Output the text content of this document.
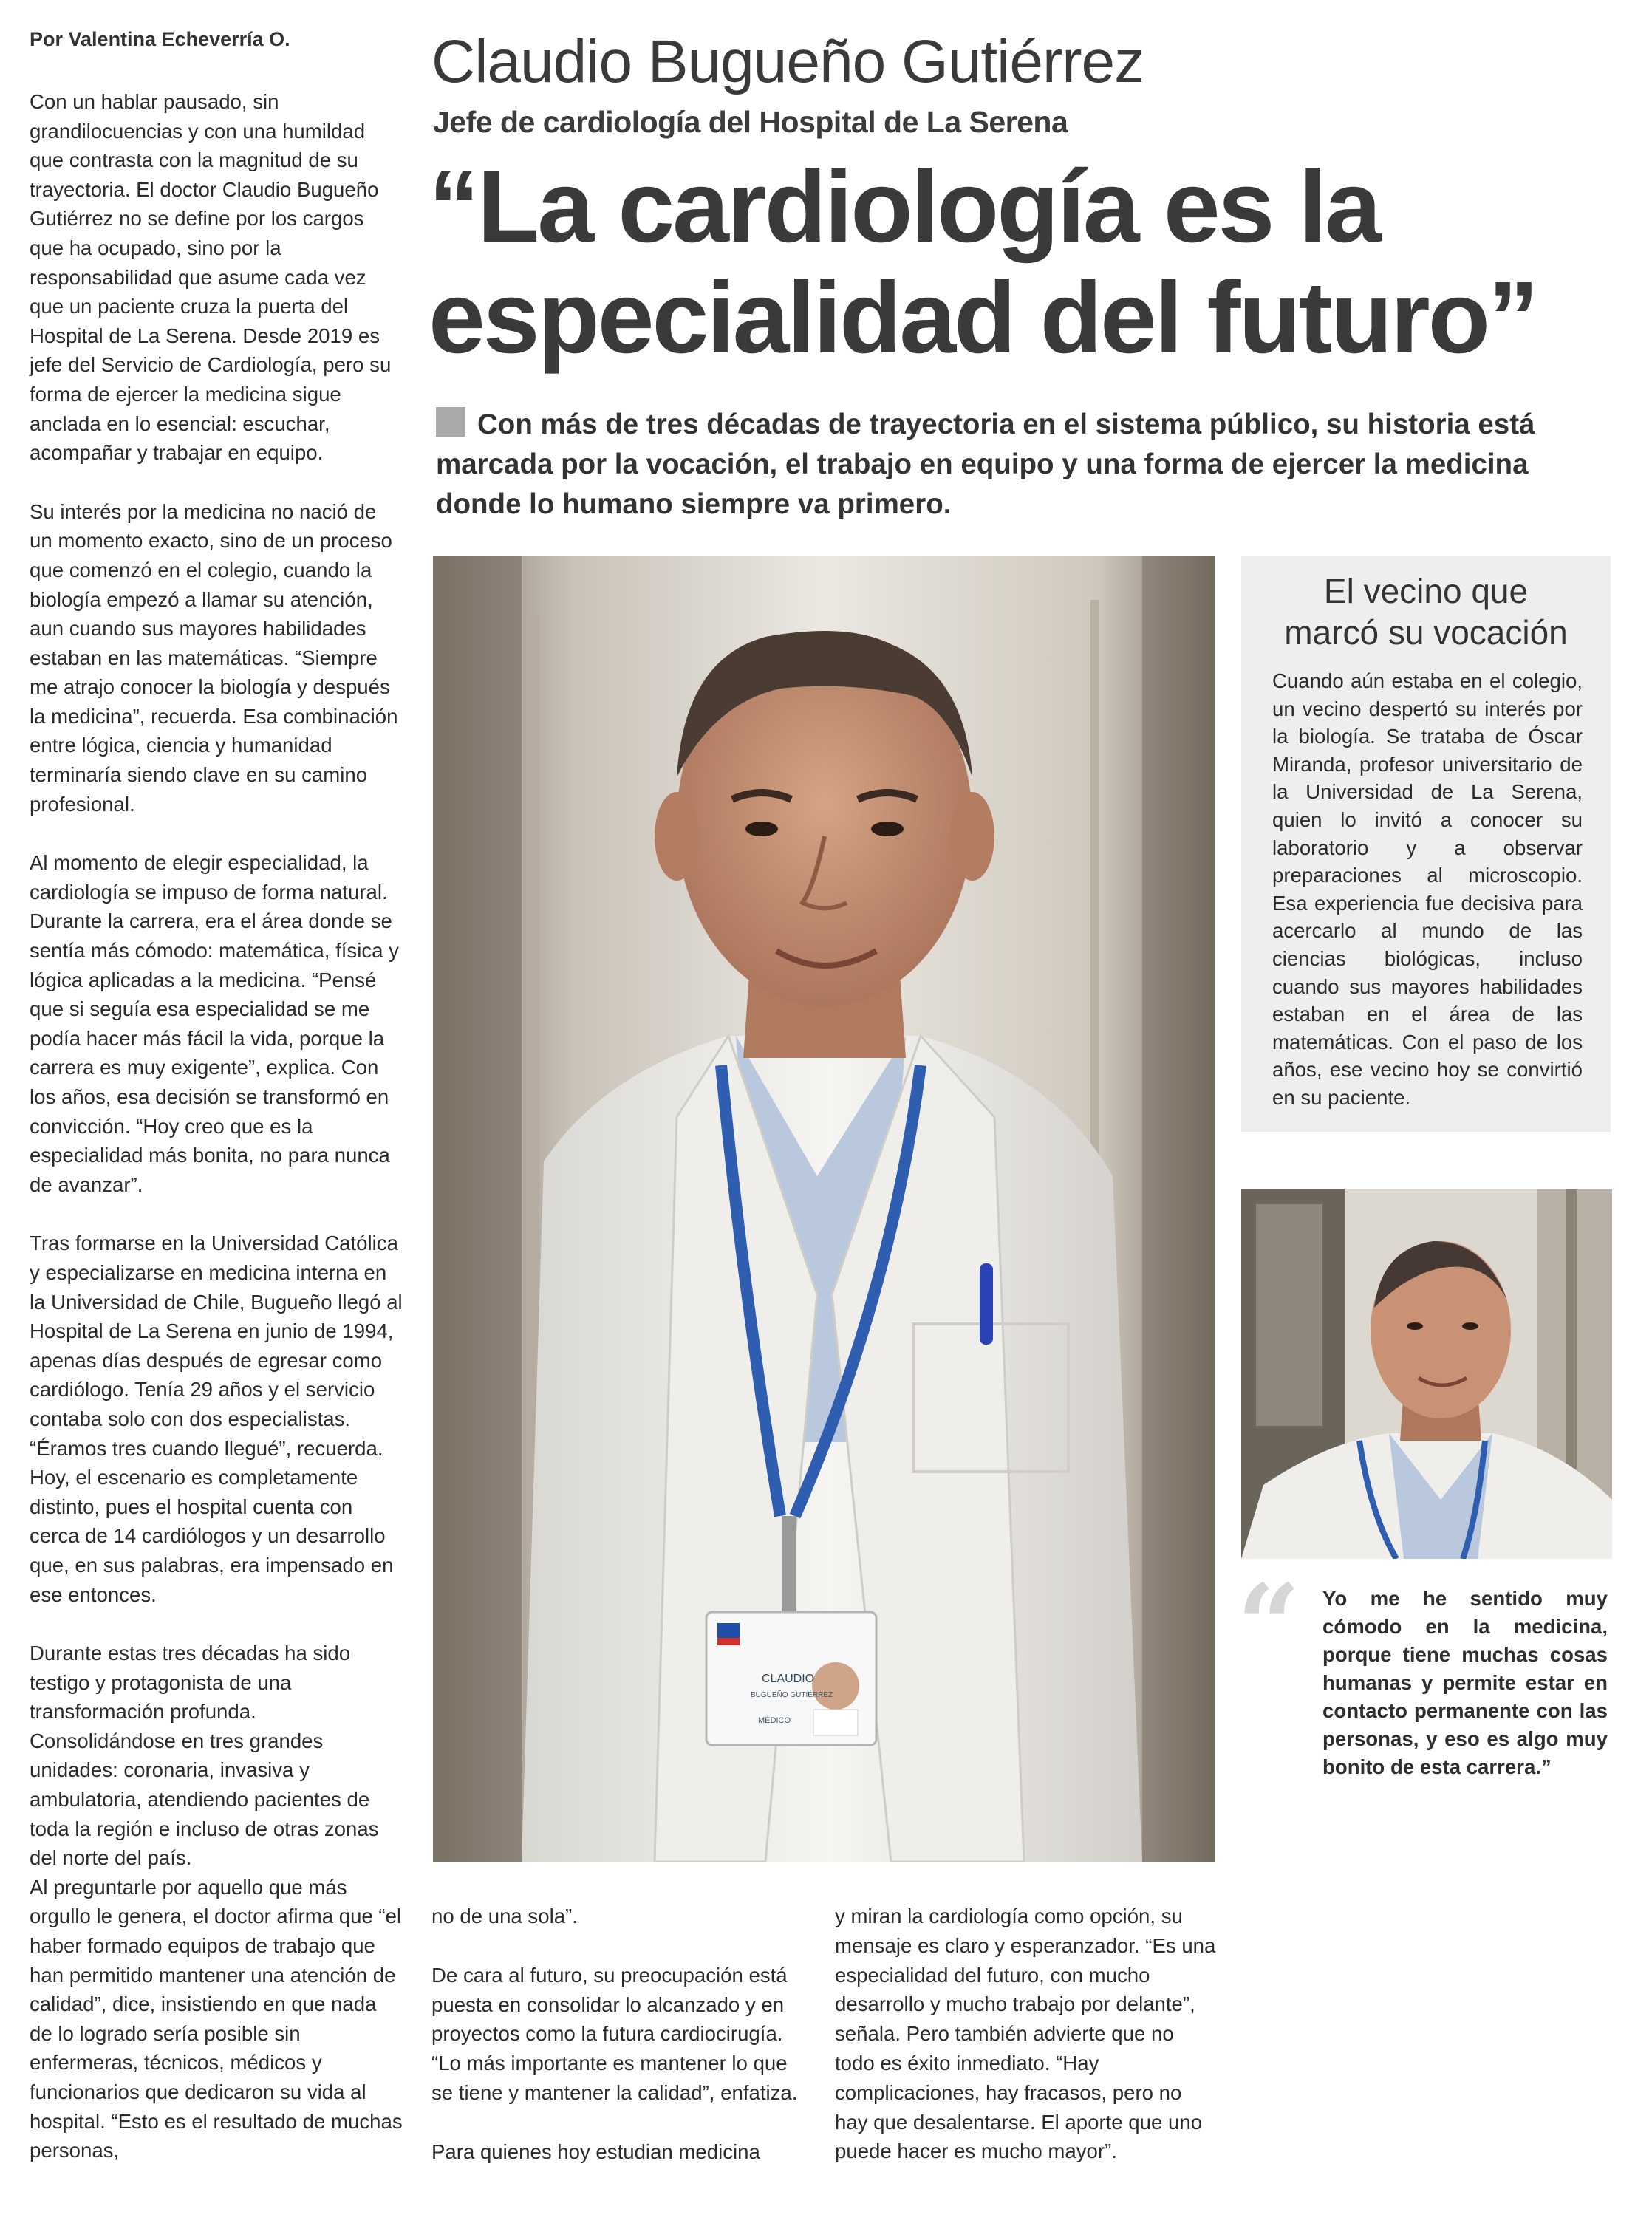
Por Valentina Echeverría O.

Con un hablar pausado, sin grandilocuencias y con una humildad que contrasta con la magnitud de su trayectoria. El doctor Claudio Bugueño Gutiérrez no se define por los cargos que ha ocupado, sino por la responsabilidad que asume cada vez que un paciente cruza la puerta del Hospital de La Serena. Desde 2019 es jefe del Servicio de Cardiología, pero su forma de ejercer la medicina sigue anclada en lo esencial: escuchar, acompañar y trabajar en equipo.

Su interés por la medicina no nació de un momento exacto, sino de un proceso que comenzó en el colegio, cuando la biología empezó a llamar su atención, aun cuando sus mayores habilidades estaban en las matemáticas. “Siempre me atrajo conocer la biología y después la medicina”, recuerda. Esa combinación entre lógica, ciencia y humanidad terminaría siendo clave en su camino profesional.

Al momento de elegir especialidad, la cardiología se impuso de forma natural. Durante la carrera, era el área donde se sentía más cómodo: matemática, física y lógica aplicadas a la medicina. “Pensé que si seguía esa especialidad se me podía hacer más fácil la vida, porque la carrera es muy exigente”, explica. Con los años, esa decisión se transformó en convicción. “Hoy creo que es la especialidad más bonita, no para nunca de avanzar”.

Tras formarse en la Universidad Católica y especializarse en medicina interna en la Universidad de Chile, Bugueño llegó al Hospital de La Serena en junio de 1994, apenas días después de egresar como cardiólogo. Tenía 29 años y el servicio contaba solo con dos especialistas. “Éramos tres cuando llegué”, recuerda. Hoy, el escenario es completamente distinto, pues el hospital cuenta con cerca de 14 cardiólogos y un desarrollo que, en sus palabras, era impensado en ese entonces.

Durante estas tres décadas ha sido testigo y protagonista de una transformación profunda. Consolidándose en tres grandes unidades: coronaria, invasiva y ambulatoria, atendiendo pacientes de toda la región e incluso de otras zonas del norte del país.

Al preguntarle por aquello que más orgullo le genera, el doctor afirma que “el haber formado equipos de trabajo que han permitido mantener una atención de calidad”, dice, insistiendo en que nada de lo logrado sería posible sin enfermeras, técnicos, médicos y funcionarios que dedicaron su vida al hospital. “Esto es el resultado de muchas personas,

Claudio Bugueño Gutiérrez
Jefe de cardiología del Hospital de La Serena
“La cardiología es la
especialidad del futuro”
Con más de tres décadas de trayectoria en el sistema público, su historia está marcada por la vocación, el trabajo en equipo y una forma de ejercer la medicina donde lo humano siempre va primero.
CLAUDIO
BUGUEÑO GUTIÉRREZ
MÉDICO
El vecino que
marcó su vocación
Cuando aún estaba en el colegio, un vecino despertó su interés por la biología. Se trataba de Óscar Miranda, profesor universitario de la Universidad de La Serena, quien lo invitó a conocer su laboratorio y a observar preparaciones al microscopio. Esa experiencia fue decisiva para acercarlo al mundo de las ciencias biológicas, incluso cuando sus mayores habilidades estaban en el área de las matemáticas. Con el paso de los años, ese vecino hoy se convirtió en su paciente.
“ Yo me he sentido muy cómodo en la medicina, porque tiene muchas cosas humanas y permite estar en contacto permanente con las personas, y eso es algo muy bonito de esta carrera.”

no de una sola”.

De cara al futuro, su preocupación está puesta en consolidar lo alcanzado y en proyectos como la futura cardiocirugía. “Lo más importante es mantener lo que se tiene y mantener la calidad”, enfatiza.

Para quienes hoy estudian medicina

y miran la cardiología como opción, su mensaje es claro y esperanzador. “Es una especialidad del futuro, con mucho desarrollo y mucho trabajo por delante”, señala. Pero también advierte que no todo es éxito inmediato. “Hay complicaciones, hay fracasos, pero no hay que desalentarse. El aporte que uno puede hacer es mucho mayor”.
